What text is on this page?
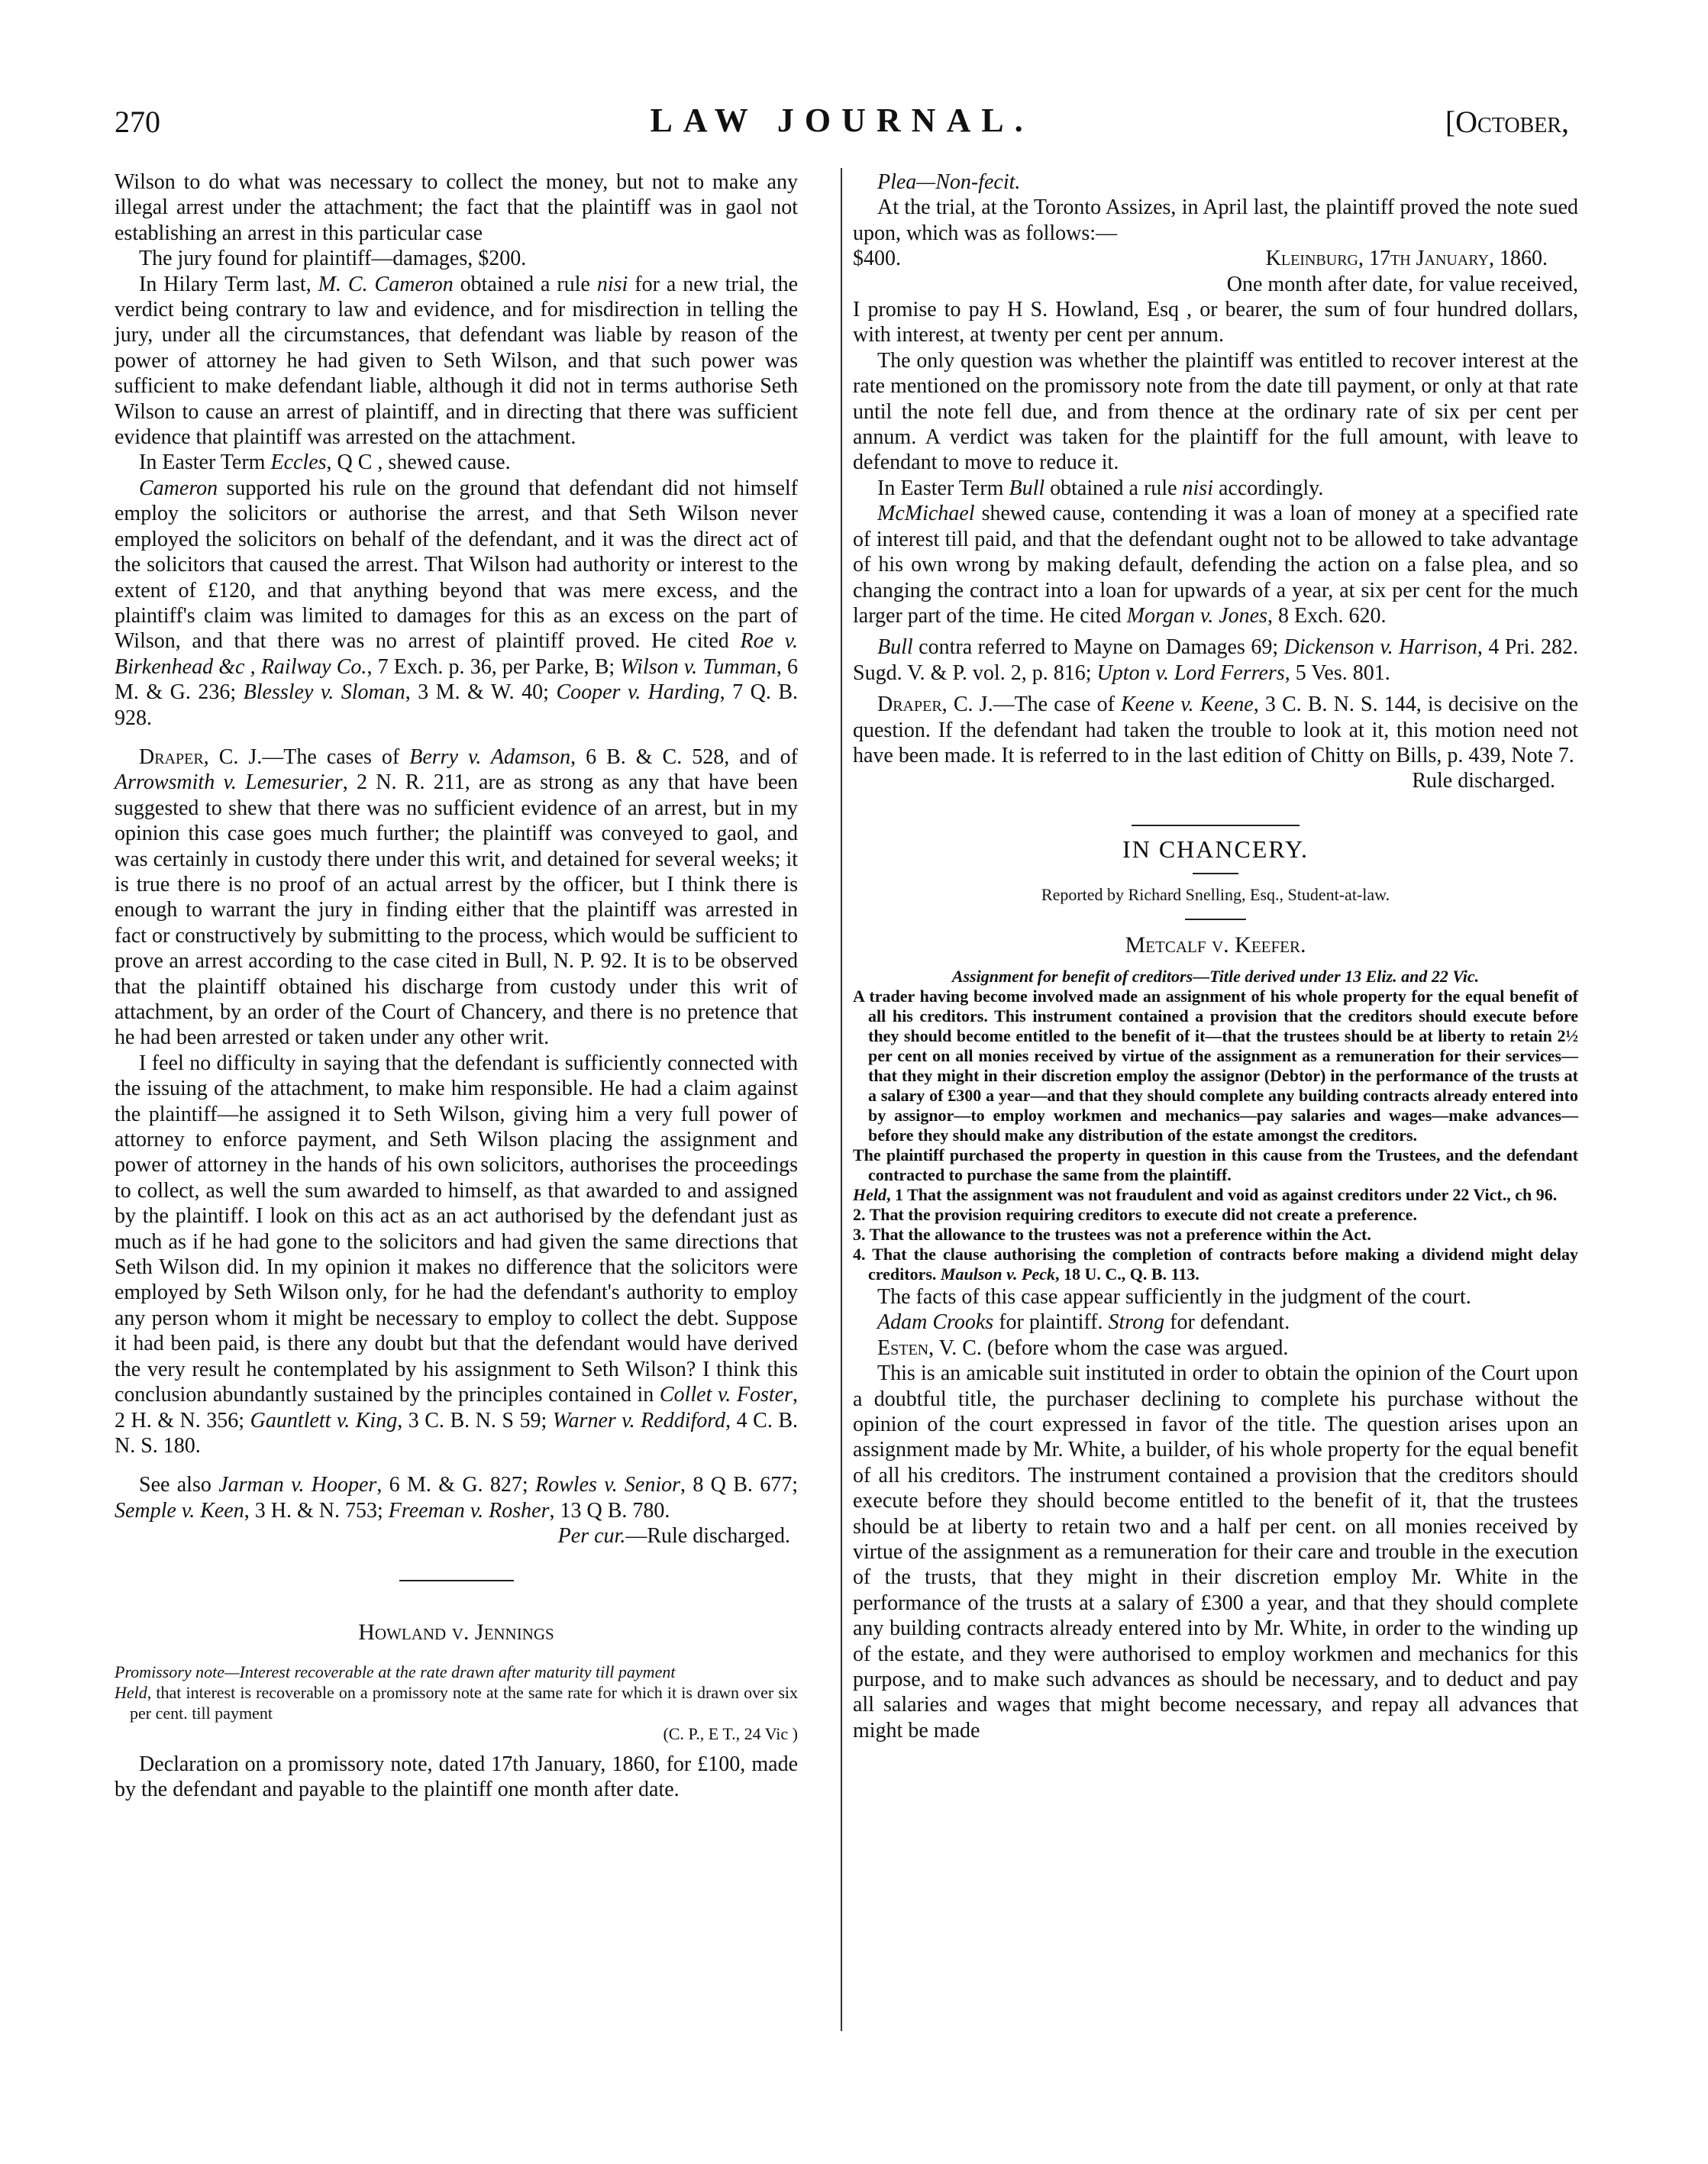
270	LAW JOURNAL.	[October,

Wilson to do what was necessary to collect the money, but not to make any illegal arrest under the attachment; the fact that the plaintiff was in gaol not establishing an arrest in this particular case

The jury found for plaintiff—damages, $200.

In Hilary Term last, M. C. Cameron obtained a rule nisi for a new trial, the verdict being contrary to law and evidence, and for misdirection in telling the jury, under all the circumstances, that defendant was liable by reason of the power of attorney he had given to Seth Wilson, and that such power was sufficient to make defendant liable, although it did not in terms authorise Seth Wilson to cause an arrest of plaintiff, and in directing that there was sufficient evidence that plaintiff was arrested on the attachment.

In Easter Term Eccles, Q C , shewed cause.

Cameron supported his rule on the ground that defendant did not himself employ the solicitors or authorise the arrest, and that Seth Wilson never employed the solicitors on behalf of the defendant, and it was the direct act of the solicitors that caused the arrest. That Wilson had authority or interest to the extent of £120, and that anything beyond that was mere excess, and the plaintiff's claim was limited to damages for this as an excess on the part of Wilson, and that there was no arrest of plaintiff proved. He cited Roe v. Birkenhead &c , Railway Co., 7 Exch. p. 36, per Parke, B; Wilson v. Tumman, 6 M. & G. 236; Blessley v. Sloman, 3 M. & W. 40; Cooper v. Harding, 7 Q. B. 928.

Draper, C. J.—The cases of Berry v. Adamson, 6 B. & C. 528, and of Arrowsmith v. Lemesurier, 2 N. R. 211, are as strong as any that have been suggested to shew that there was no sufficient evidence of an arrest, but in my opinion this case goes much further; the plaintiff was conveyed to gaol, and was certainly in custody there under this writ, and detained for several weeks; it is true there is no proof of an actual arrest by the officer, but I think there is enough to warrant the jury in finding either that the plaintiff was arrested in fact or constructively by submitting to the process, which would be sufficient to prove an arrest according to the case cited in Bull, N. P. 92. It is to be observed that the plaintiff obtained his discharge from custody under this writ of attachment, by an order of the Court of Chancery, and there is no pretence that he had been arrested or taken under any other writ.

I feel no difficulty in saying that the defendant is sufficiently connected with the issuing of the attachment, to make him responsible. He had a claim against the plaintiff—he assigned it to Seth Wilson, giving him a very full power of attorney to enforce payment, and Seth Wilson placing the assignment and power of attorney in the hands of his own solicitors, authorises the proceedings to collect, as well the sum awarded to himself, as that awarded to and assigned by the plaintiff. I look on this act as an act authorised by the defendant just as much as if he had gone to the solicitors and had given the same directions that Seth Wilson did. In my opinion it makes no difference that the solicitors were employed by Seth Wilson only, for he had the defendant's authority to employ any person whom it might be necessary to employ to collect the debt. Suppose it had been paid, is there any doubt but that the defendant would have derived the very result he contemplated by his assignment to Seth Wilson? I think this conclusion abundantly sustained by the principles contained in Collet v. Foster, 2 H. & N. 356; Gauntlett v. King, 3 C. B. N. S 59; Warner v. Reddiford, 4 C. B. N. S. 180.

See also Jarman v. Hooper, 6 M. & G. 827; Rowles v. Senior, 8 Q B. 677; Semple v. Keen, 3 H. & N. 753; Freeman v. Rosher, 13 Q B. 780.

Per cur.—Rule discharged.

Howland v. Jennings

Promissory note—Interest recoverable at the rate drawn after maturity till payment

Held, that interest is recoverable on a promissory note at the same rate for which it is drawn over six per cent. till payment

(C. P., E T., 24 Vic )

Declaration on a promissory note, dated 17th January, 1860, for £100, made by the defendant and payable to the plaintiff one month after date.

Plea—Non-fecit.

At the trial, at the Toronto Assizes, in April last, the plaintiff proved the note sued upon, which was as follows:—

$400.	Kleinburg, 17th January, 1860.

One month after date, for value received,

I promise to pay H S. Howland, Esq , or bearer, the sum of four hundred dollars, with interest, at twenty per cent per annum.

The only question was whether the plaintiff was entitled to recover interest at the rate mentioned on the promissory note from the date till payment, or only at that rate until the note fell due, and from thence at the ordinary rate of six per cent per annum. A verdict was taken for the plaintiff for the full amount, with leave to defendant to move to reduce it.

In Easter Term Bull obtained a rule nisi accordingly.

McMichael shewed cause, contending it was a loan of money at a specified rate of interest till paid, and that the defendant ought not to be allowed to take advantage of his own wrong by making default, defending the action on a false plea, and so changing the contract into a loan for upwards of a year, at six per cent for the much larger part of the time. He cited Morgan v. Jones, 8 Exch. 620.

Bull contra referred to Mayne on Damages 69; Dickenson v. Harrison, 4 Pri. 282. Sugd. V. & P. vol. 2, p. 816; Upton v. Lord Ferrers, 5 Ves. 801.

Draper, C. J.—The case of Keene v. Keene, 3 C. B. N. S. 144, is decisive on the question. If the defendant had taken the trouble to look at it, this motion need not have been made. It is referred to in the last edition of Chitty on Bills, p. 439, Note 7.

Rule discharged.

IN CHANCERY.
Reported by Richard Snelling, Esq., Student-at-law.
Metcalf v. Keefer.
Assignment for benefit of creditors—Title derived under 13 Eliz. and 22 Vic.
A trader having become involved made an assignment of his whole property for the equal benefit of all his creditors. This instrument contained a provision that the creditors should execute before they should become entitled to the benefit of it—that the trustees should be at liberty to retain 2½ per cent on all monies received by virtue of the assignment as a remuneration for their services—that they might in their discretion employ the assignor (Debtor) in the performance of the trusts at a salary of £300 a year—and that they should complete any building contracts already entered into by assignor—to employ workmen and mechanics—pay salaries and wages—make advances—before they should make any distribution of the estate amongst the creditors.
The plaintiff purchased the property in question in this cause from the Trustees, and the defendant contracted to purchase the same from the plaintiff.
Held, 1 That the assignment was not fraudulent and void as against creditors under 22 Vict., ch 96.
2. That the provision requiring creditors to execute did not create a preference.
3. That the allowance to the trustees was not a preference within the Act.
4. That the clause authorising the completion of contracts before making a dividend might delay creditors. Maulson v. Peck, 18 U. C., Q. B. 113.

The facts of this case appear sufficiently in the judgment of the court.

Adam Crooks for plaintiff. Strong for defendant.

Esten, V. C. (before whom the case was argued.

This is an amicable suit instituted in order to obtain the opinion of the Court upon a doubtful title, the purchaser declining to complete his purchase without the opinion of the court expressed in favor of the title. The question arises upon an assignment made by Mr. White, a builder, of his whole property for the equal benefit of all his creditors. The instrument contained a provision that the creditors should execute before they should become entitled to the benefit of it, that the trustees should be at liberty to retain two and a half per cent. on all monies received by virtue of the assignment as a remuneration for their care and trouble in the execution of the trusts, that they might in their discretion employ Mr. White in the performance of the trusts at a salary of £300 a year, and that they should complete any building contracts already entered into by Mr. White, in order to the winding up of the estate, and they were authorised to employ workmen and mechanics for this purpose, and to make such advances as should be necessary, and to deduct and pay all salaries and wages that might become necessary, and repay all advances that might be made
